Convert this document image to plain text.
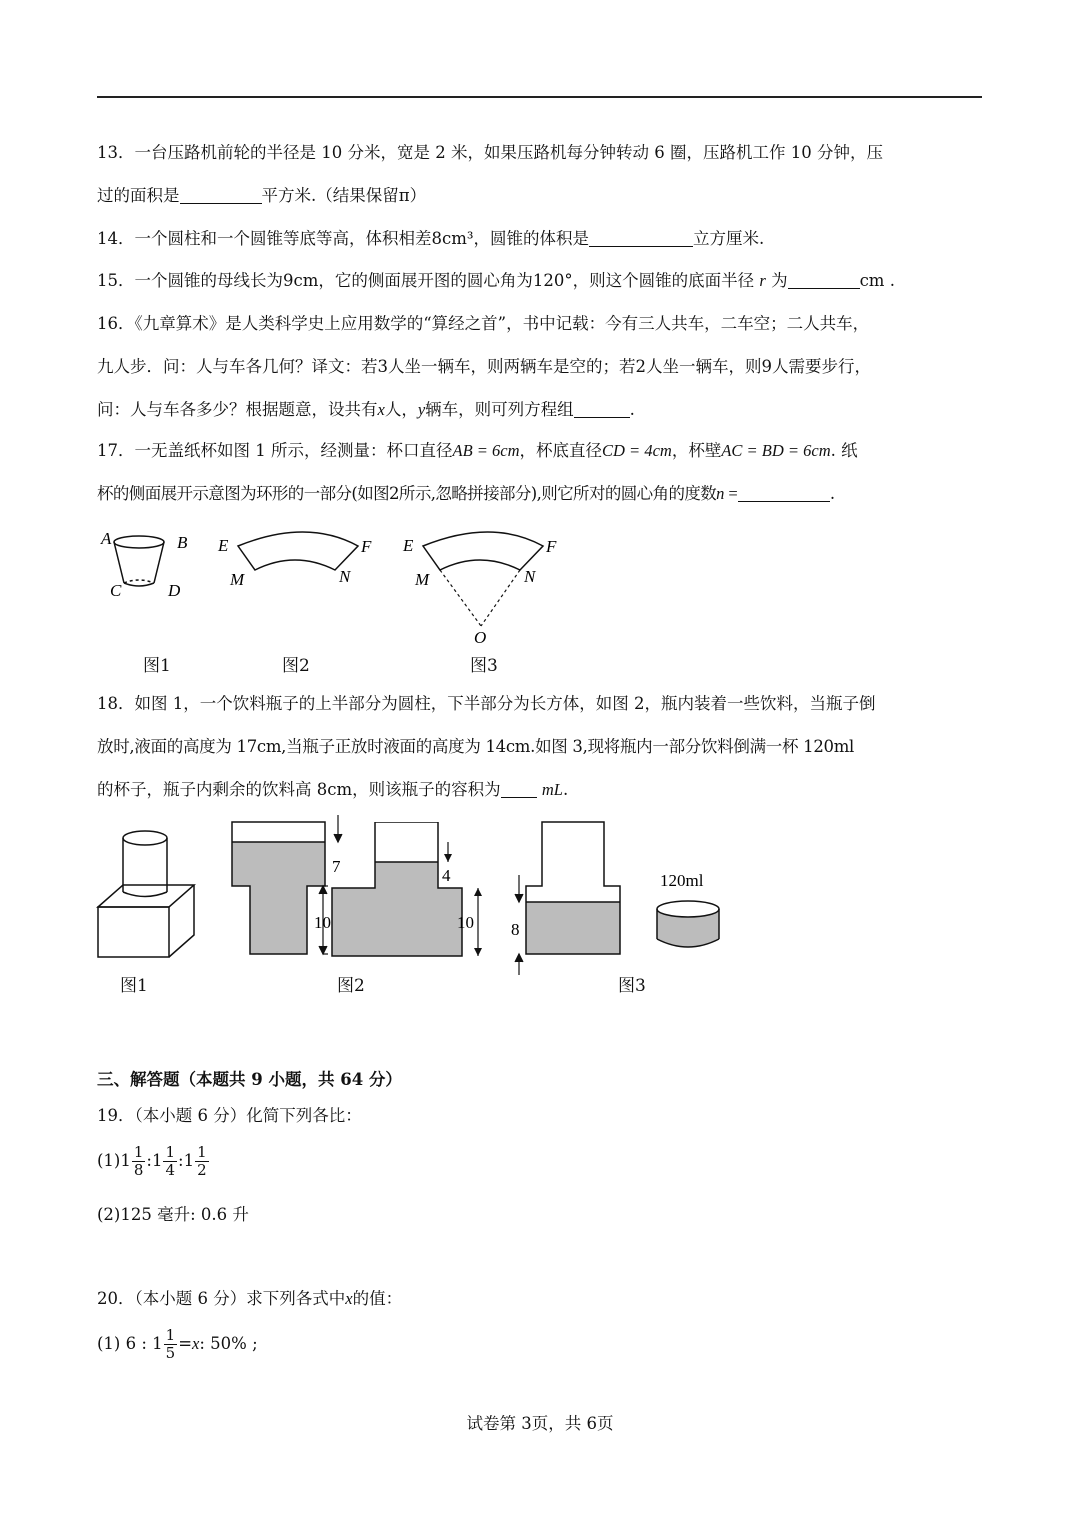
13．一台压路机前轮的半径是 10 分米，宽是 2 米，如果压路机每分钟转动 6 圈，压路机工作 10 分钟，压
过的面积是	平方米.（结果保留π）
14．一个圆柱和一个圆锥等底等高，体积相差8cm³，圆锥的体积是	立方厘米.
15．一个圆锥的母线长为9cm，它的侧面展开图的圆心角为120°，则这个圆锥的底面半径 r 为	cm .
16．《九章算术》是人类科学史上应用数学的“算经之首”，书中记载：今有三人共车，二车空；二人共车，
九人步．问：人与车各几何？译文：若3人坐一辆车，则两辆车是空的；若2人坐一辆车，则9人需要步行，
问：人与车各多少？根据题意，设共有x人，y辆车，则可列方程组	.
17．一无盖纸杯如图 1 所示，经测量：杯口直径AB = 6cm，杯底直径CD = 4cm，杯壁AC = BD = 6cm. 纸
杯的侧面展开示意图为环形的一部分(如图2所示,忽略拼接部分),则它所对的圆心角的度数n =	.
A	B
C	D
E	F
M	N
E	F
M	N
O
图1	图2	图3
18．如图 1，一个饮料瓶子的上半部分为圆柱，下半部分为长方体，如图 2，瓶内装着一些饮料，当瓶子倒
放时,液面的高度为 17cm,当瓶子正放时液面的高度为 14cm.如图 3,现将瓶内一部分饮料倒满一杯 120ml
的杯子，瓶子内剩余的饮料高 8cm，则该瓶子的容积为	mL.
7
10	8
120ml
4
10
图1	图2	图3
三、解答题（本题共 9 小题，共 64 分）
19．（本小题 6 分）化简下列各比：
$(1)1 \frac{1}{8}$ :1 $\frac{1}{4}$ :1 $\frac{1}{2}$
(2)125 毫升: 0.6 升
20．（本小题 6 分）求下列各式中x的值：
(1) 6 : $1 \frac{1}{5} =x$: 50% ;
试卷第 3页，共 6页
